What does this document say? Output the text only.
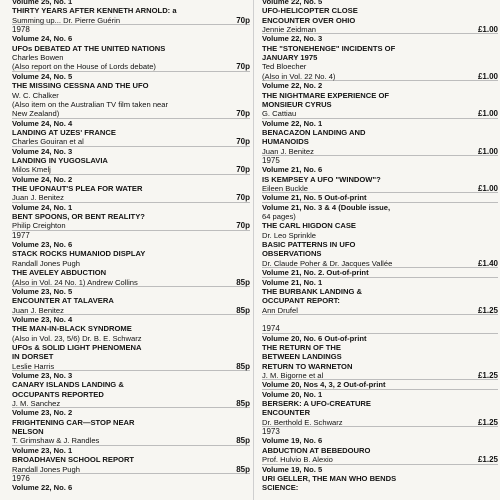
Volume 25, No. 1
THIRTY YEARS AFTER KENNETH ARNOLD: a
Summing up... Dr. Pierre Guérin
1978
Volume 24, No. 6
UFOs DEBATED AT THE UNITED NATIONS
Charles Bowen
(Also report on the House of Lords debate)
Volume 24, No. 5
THE MISSING CESSNA AND THE UFO
W. C. Chalker
(Also item on the Australian TV film taken near
New Zealand)
Volume 24, No. 4
LANDING AT UZES' FRANCE
Charles Gouiran et al
Volume 24, No. 3
LANDING IN YUGOSLAVIA
Milos Kmelj
Volume 24, No. 2
THE UFONAUT'S PLEA FOR WATER
Juan J. Benitez
Volume 24, No. 1
BENT SPOONS, OR BENT REALITY?
Philip Creighton
1977
Volume 23, No. 6
STACK ROCKS HUMANIOD DISPLAY
Randall Jones Pugh
THE AVELEY ABDUCTION
(Also in Vol. 24 No. 1) Andrew Collins
Volume 23, No. 5
ENCOUNTER AT TALAVERA
Juan J. Benitez
Volume 23, No. 4
THE MAN-IN-BLACK SYNDROME
(Also in Vol. 23, 5/6) Dr. B. E. Schwarz
UFOs & SOLID LIGHT PHENOMENA
IN DORSET
Leslie Harris
Volume 23, No. 3
CANARY ISLANDS LANDING &
OCCUPANTS REPORTED
J. M. Sanchez
Volume 23, No. 2
FRIGHTENING CAR—STOP NEAR
NELSON
T. Grimshaw & J. Randles
Volume 23, No. 1
BROADHAVEN SCHOOL REPORT
Randall Jones Pugh
1976
Volume 22, No. 6
70p
70p
70p
70p
70p
70p
70p
85p
85p
85p
85p
85p
85p
Volume 22, No. 5
UFO-HELICOPTER CLOSE
ENCOUNTER OVER OHIO
Jennie Zeidman
Volume 22, No. 3
THE "STONEHENGE" INCIDENTS OF
JANUARY 1975
Ted Bloecher
(Also in Vol. 22 No. 4)
Volume 22, No. 2
THE NIGHTMARE EXPERIENCE OF
MONSIEUR CYRUS
G. Cattiau
Volume 22, No. 1
BENACAZON LANDING AND
HUMANOIDS
Juan J. Benitez
1975
Volume 21, No. 6
IS KEMPSEY A UFO "WINDOW"?
Eileen Buckle
Volume 21, No. 5 Out-of-print
Volume 21, No. 3 & 4 (Double issue,
64 pages)
THE CARL HIGDON CASE
Dr. Leo Sprinkle
BASIC PATTERNS IN UFO
OBSERVATIONS
Dr. Claude Poher & Dr. Jacques Vallée
Volume 21, No. 2. Out-of-print
Volume 21, No. 1
THE BURBANK LANDING &
OCCUPANT REPORT:
Ann Drufel
1974
Volume 20, No. 6 Out-of-print
THE RETURN OF THE
BETWEEN LANDINGS
RETURN TO WARNETON
J. M. Bigorne et al
Volume 20, Nos 4, 3, 2 Out-of-print
Volume 20, No. 1
BERSERK: A UFO-CREATURE
ENCOUNTER
Dr. Berthold E. Schwarz
1973
Volume 19, No. 6
ABDUCTION AT BEBEDOURO
Prof. Hulvio B. Alexio
Volume 19, No. 5
URI GELLER, THE MAN WHO BENDS
SCIENCE:
£1.00
£1.00
£1.00
£1.00
£1.00
£1.40
£1.25
£1.25
£1.25
£1.25
